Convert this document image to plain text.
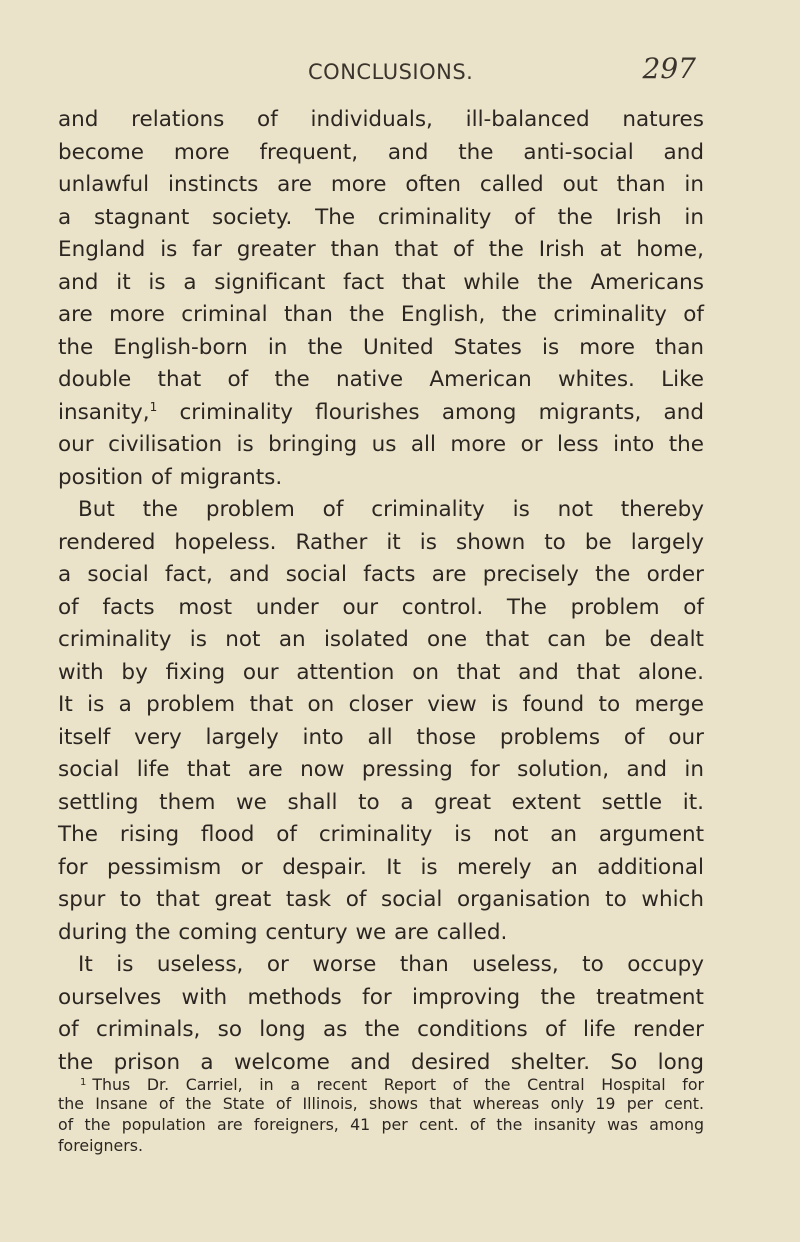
CONCLUSIONS.	297
and relations of individuals, ill-balanced natures
become more frequent, and the anti-social and
unlawful instincts are more often called out than in
a stagnant society. The criminality of the Irish in
England is far greater than that of the Irish at home,
and it is a significant fact that while the Americans
are more criminal than the English, the criminality of
the English-born in the United States is more than
double that of the native American whites. Like
insanity,$^1$ criminality flourishes among migrants, and
our civilisation is bringing us all more or less into the
position of migrants.
But the problem of criminality is not thereby
rendered hopeless. Rather it is shown to be largely
a social fact, and social facts are precisely the order
of facts most under our control. The problem of
criminality is not an isolated one that can be dealt
with by fixing our attention on that and that alone.
It is a problem that on closer view is found to merge
itself very largely into all those problems of our
social life that are now pressing for solution, and in
settling them we shall to a great extent settle it.
The rising flood of criminality is not an argument
for pessimism or despair. It is merely an additional
spur to that great task of social organisation to which
during the coming century we are called.
It is useless, or worse than useless, to occupy
ourselves with methods for improving the treatment
of criminals, so long as the conditions of life render
the prison a welcome and desired shelter. So long
$^1$ Thus Dr. Carriel, in a recent Report of the Central Hospital for
the Insane of the State of Illinois, shows that whereas only 19 per cent.
of the population are foreigners, 41 per cent. of the insanity was among
foreigners.
